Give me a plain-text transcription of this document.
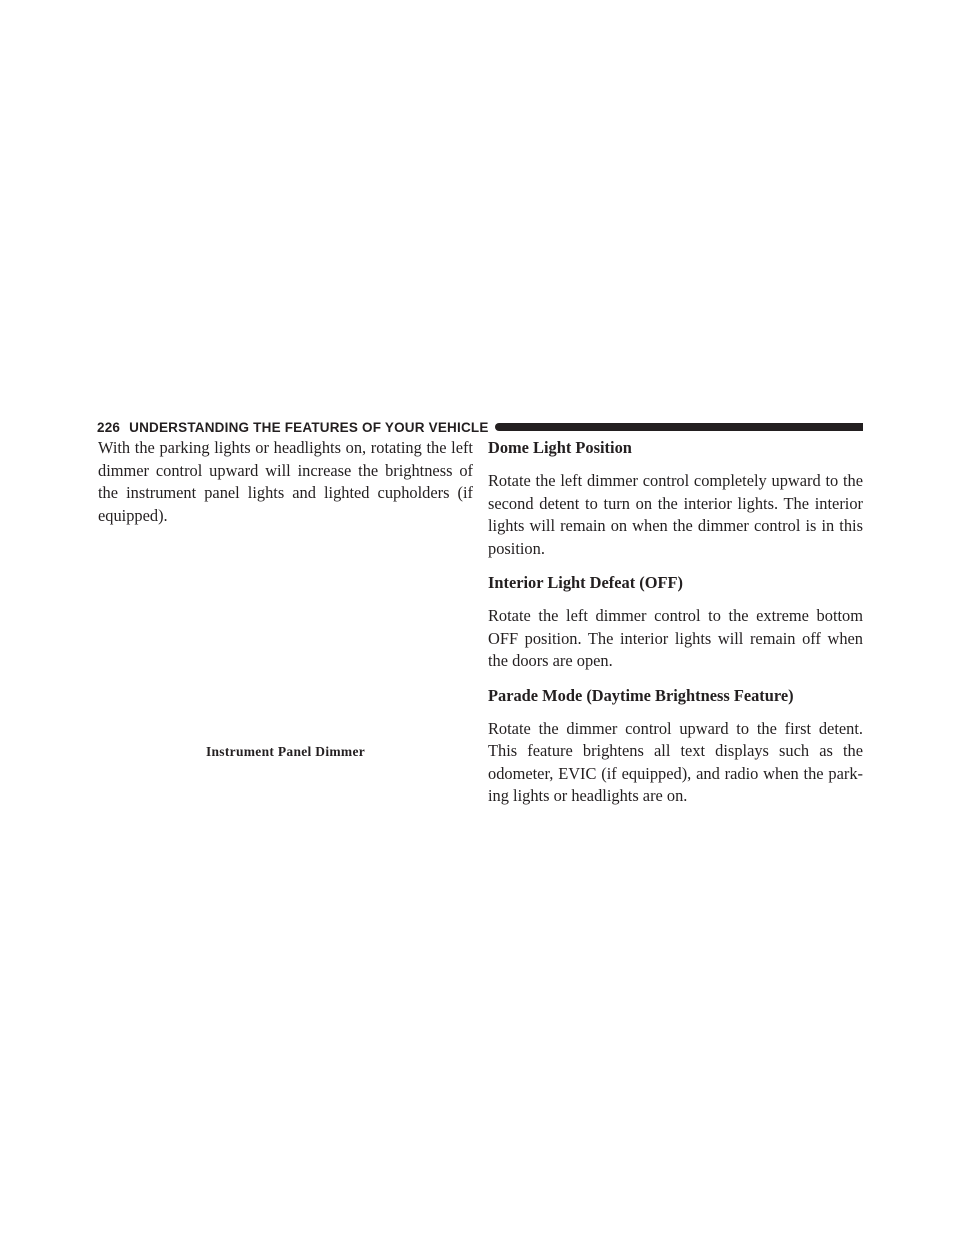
226 UNDERSTANDING THE FEATURES OF YOUR VEHICLE

With the parking lights or headlights on, rotating the left dimmer control upward will increase the brightness of the instrument panel lights and lighted cupholders (if equipped).

Instrument Panel Dimmer
Dome Light Position

Rotate the left dimmer control completely upward to the second detent to turn on the interior lights. The interior lights will remain on when the dimmer control is in this position.

Interior Light Defeat (OFF)

Rotate the left dimmer control to the extreme bottom OFF position. The interior lights will remain off when the doors are open.

Parade Mode (Daytime Brightness Feature)

Rotate the dimmer control upward to the first detent. This feature brightens all text displays such as the odometer, EVIC (if equipped), and radio when the park-ing lights or headlights are on.
